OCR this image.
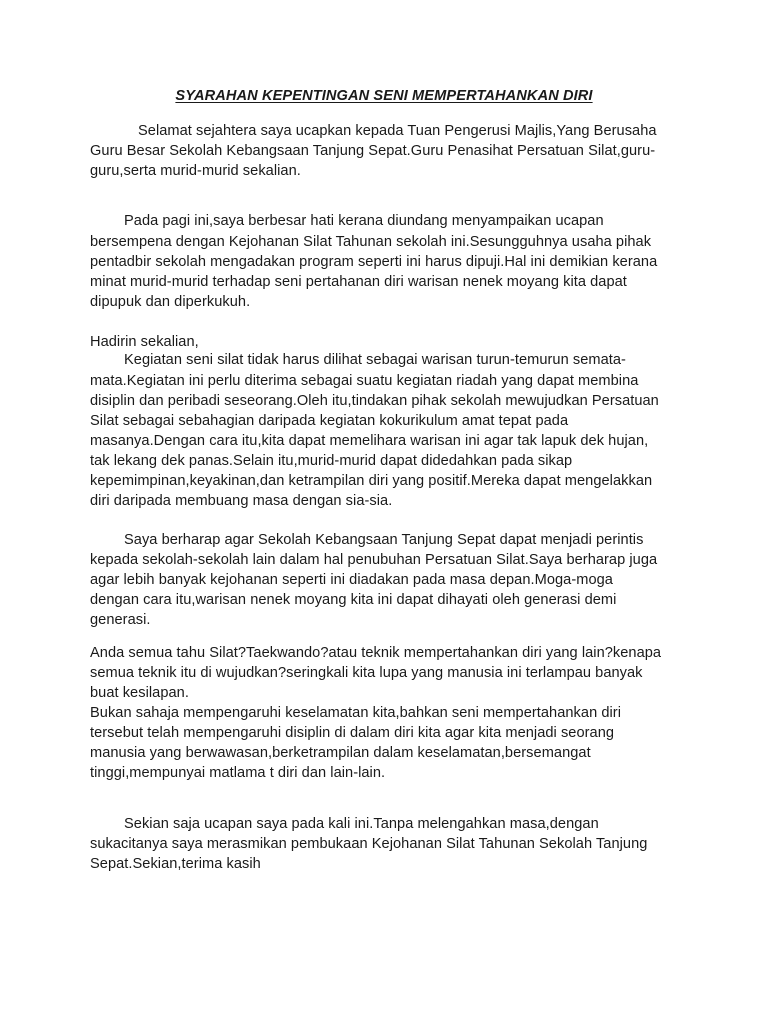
SYARAHAN KEPENTINGAN SENI MEMPERTAHANKAN DIRI
Selamat sejahtera saya ucapkan kepada Tuan Pengerusi Majlis,Yang Berusaha
Guru Besar Sekolah Kebangsaan Tanjung Sepat.Guru Penasihat Persatuan Silat,guru-
guru,serta murid-murid sekalian.
Pada pagi ini,saya berbesar hati kerana diundang menyampaikan ucapan
bersempena dengan Kejohanan Silat Tahunan sekolah ini.Sesungguhnya usaha pihak
pentadbir sekolah mengadakan program seperti ini harus dipuji.Hal ini demikian kerana
minat murid-murid terhadap seni pertahanan diri warisan nenek moyang kita dapat
dipupuk dan diperkukuh.
Hadirin sekalian,
Kegiatan seni silat tidak harus dilihat sebagai warisan turun-temurun semata-
mata.Kegiatan ini perlu diterima sebagai suatu kegiatan riadah yang dapat membina
disiplin dan peribadi seseorang.Oleh itu,tindakan pihak sekolah mewujudkan Persatuan
Silat sebagai sebahagian daripada kegiatan kokurikulum amat tepat pada
masanya.Dengan cara itu,kita dapat memelihara warisan ini agar tak lapuk dek hujan,
tak lekang dek panas.Selain itu,murid-murid dapat didedahkan pada sikap
kepemimpinan,keyakinan,dan ketrampilan diri yang positif.Mereka dapat mengelakkan
diri daripada membuang masa dengan sia-sia.
Saya berharap agar Sekolah Kebangsaan Tanjung Sepat dapat menjadi perintis
kepada sekolah-sekolah lain dalam hal penubuhan Persatuan Silat.Saya berharap juga
agar lebih banyak kejohanan seperti ini diadakan pada masa depan.Moga-moga
dengan cara itu,warisan nenek moyang kita ini dapat dihayati oleh generasi demi
generasi.
Anda semua tahu Silat?Taekwando?atau teknik mempertahankan diri yang lain?kenapa
semua teknik itu di wujudkan?seringkali kita lupa yang manusia ini terlampau banyak
buat kesilapan.
Bukan sahaja mempengaruhi keselamatan kita,bahkan seni mempertahankan diri
tersebut telah mempengaruhi disiplin di dalam diri kita agar kita menjadi seorang
manusia yang berwawasan,berketrampilan dalam keselamatan,bersemangat
tinggi,mempunyai matlama t diri dan lain-lain.
Sekian saja ucapan saya pada kali ini.Tanpa melengahkan masa,dengan
sukacitanya saya merasmikan pembukaan Kejohanan Silat Tahunan Sekolah Tanjung
Sepat.Sekian,terima kasih
